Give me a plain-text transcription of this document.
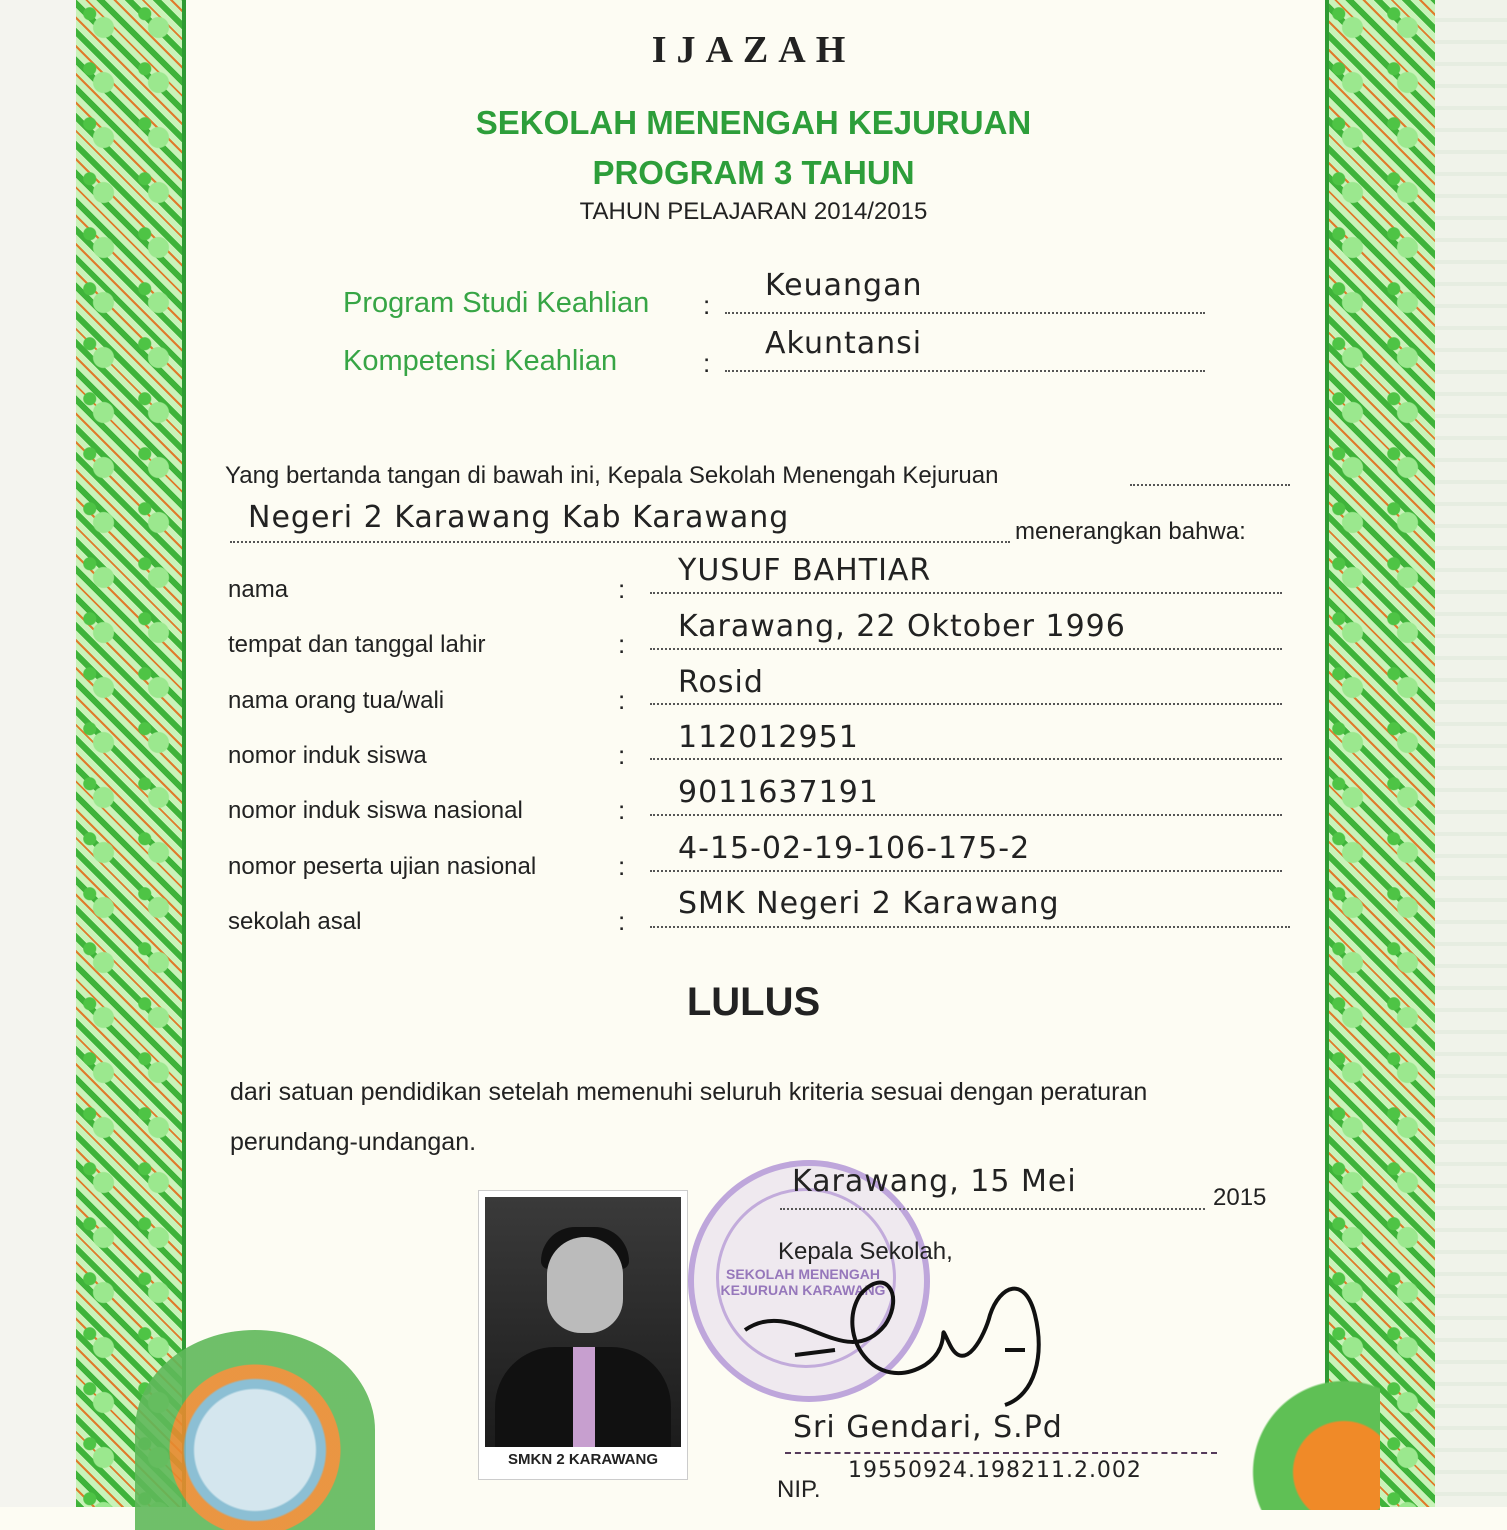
IJAZAH
SEKOLAH MENENGAH KEJURUAN
PROGRAM 3 TAHUN
TAHUN PELAJARAN 2014/2015
Program Studi Keahlian :
Keuangan
Kompetensi Keahlian	:
Akuntansi
Yang bertanda tangan di bawah ini, Kepala Sekolah Menengah Kejuruan
Negeri 2 Karawang Kab Karawang	menerangkan bahwa:
nama	:
YUSUF BAHTIAR
tempat dan tanggal lahir	: Karawang, 22 Oktober 1996
nama orang tua/wali	: Rosid
nomor induk siswa	: 112012951
nomor induk siswa nasional	: 9011637191
nomor peserta ujian nasional	: 4-15-02-19-106-175-2
sekolah asal	: SMK Negeri 2 Karawang
LULUS
dari satuan pendidikan setelah memenuhi seluruh kriteria sesuai dengan peraturan
perundang-undangan.
SMKN 2 KARAWANG
SEKOLAH MENENGAH KEJURUAN KARAWANG
Karawang, 15 Mei	2015
Kepala Sekolah,
Sri Gendari, S.Pd
NIP.
19550924.198211.2.002
